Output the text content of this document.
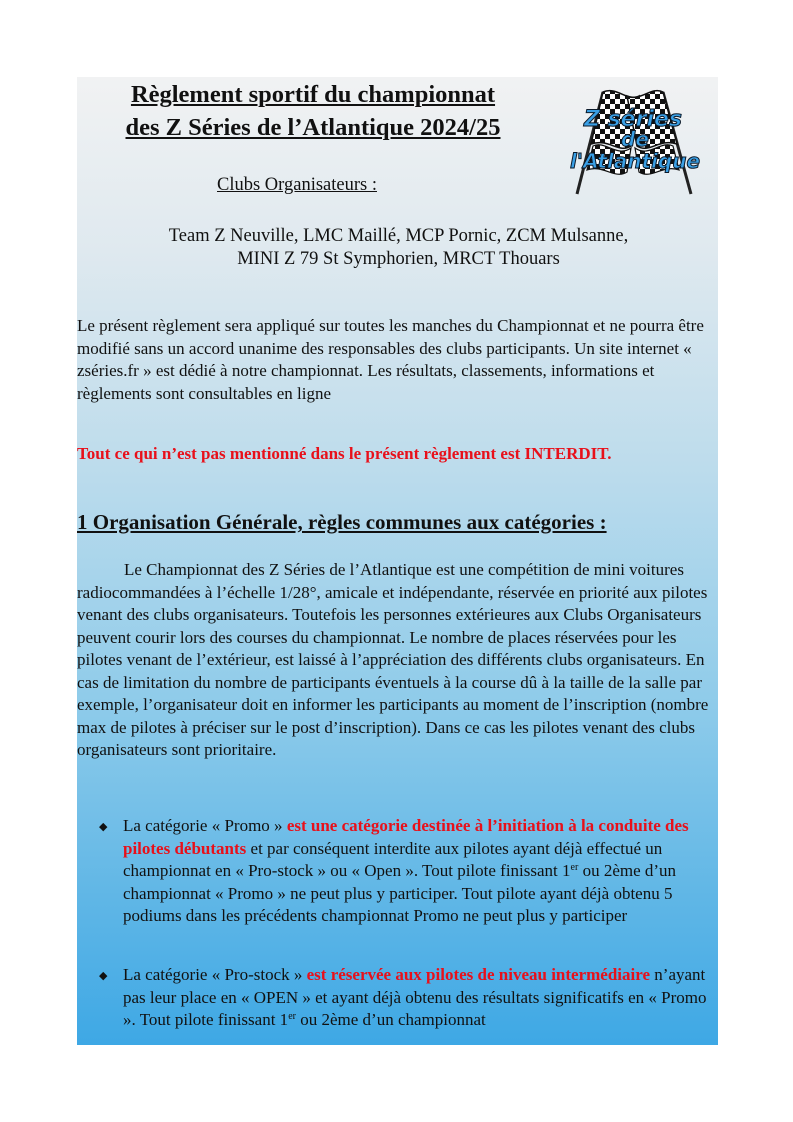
Règlement sportif du championnat
des Z Séries de l’Atlantique 2024/25	Z séries
de
l'Atlantique
Clubs Organisateurs :
Team Z Neuville, LMC Maillé, MCP Pornic, ZCM Mulsanne,
MINI Z 79 St Symphorien, MRCT Thouars
Le présent règlement sera appliqué sur toutes les manches du Championnat et ne pourra être modifié sans un accord unanime des responsables des clubs participants. Un site internet « zséries.fr » est dédié à notre championnat. Les résultats, classements, informations et règlements sont consultables en ligne
Tout ce qui n’est pas mentionné dans le présent règlement est INTERDIT.
1 Organisation Générale, règles communes aux catégories :
Le Championnat des Z Séries de l’Atlantique est une compétition de mini voitures radiocommandées à l’échelle 1/28°, amicale et indépendante, réservée en priorité aux pilotes venant des clubs organisateurs. Toutefois les personnes extérieures aux Clubs Organisateurs peuvent courir lors des courses du championnat. Le nombre de places réservées pour les pilotes venant de l’extérieur, est laissé à l’appréciation des différents clubs organisateurs. En cas de limitation du nombre de participants éventuels à la course dû à la taille de la salle par exemple, l’organisateur doit en informer les participants au moment de l’inscription (nombre max de pilotes à préciser sur le post d’inscription). Dans ce cas les pilotes venant des clubs organisateurs sont prioritaire.
◆ La catégorie « Promo » est une catégorie destinée à l’initiation à la conduite des pilotes débutants et par conséquent interdite aux pilotes ayant déjà effectué un championnat en « Pro-stock » ou « Open ». Tout pilote finissant 1er ou 2ème d’un championnat « Promo » ne peut plus y participer. Tout pilote ayant déjà obtenu 5 podiums dans les précédents championnat Promo ne peut plus y participer
◆ La catégorie « Pro-stock » est réservée aux pilotes de niveau intermédiaire n’ayant pas leur place en « OPEN » et ayant déjà obtenu des résultats significatifs en « Promo ». Tout pilote finissant 1er ou 2ème d’un championnat
